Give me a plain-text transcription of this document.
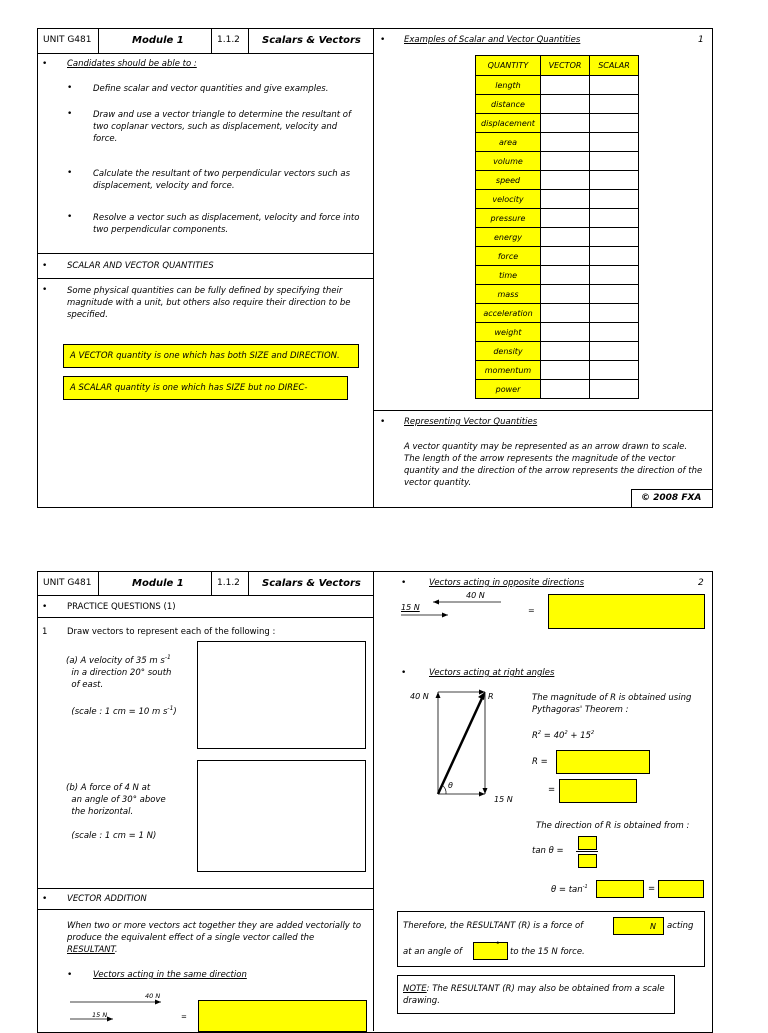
UNIT G481	Module 1	1.1.2 Scalars & Vectors
• Candidates should be able to :
• Define scalar and vector quantities and give examples.
• Draw and use a vector triangle to determine the resultant of two coplanar vectors, such as displacement, velocity and force.
• Calculate the resultant of two perpendicular vectors such as displacement, velocity and force.
• Resolve a vector such as displacement, velocity and force into two perpendicular components.
• SCALAR AND VECTOR QUANTITIES
• Some physical quantities can be fully defined by specifying their magnitude with a unit, but others also require their direction to be specified.
A VECTOR quantity is one which has both SIZE and DIRECTION.
A SCALAR quantity is one which has SIZE but no DIREC-
• Examples of Scalar and Vector Quantities	1
QUANTITY	VECTOR	SCALAR
length		
distance		
displacement		
area		
volume		
speed		
velocity		
pressure		
energy		
force		
time		
mass		
acceleration		
weight		
density		
momentum		
power		
• Representing Vector Quantities
A vector quantity may be represented as an arrow drawn to scale. The length of the arrow represents the magnitude of the vector quantity and the direction of the arrow represents the direction of the vector quantity.
© 2008 FXA
UNIT G481	Module 1	1.1.2 Scalars & Vectors
• PRACTICE QUESTIONS (1)
1 Draw vectors to represent each of the following :
(a) A velocity of 35 m $s^{-1}$
in a direction 20° south
of east.

(scale : 1 cm = 10 m $s^{-1}$)
(b) A force of 4 N at
an angle of 30° above
the horizontal.

(scale : 1 cm = 1 N)
• VECTOR ADDITION
When two or more vectors act together they are added vectorially to produce the equivalent effect of a single vector called the RESULTANT.
• Vectors acting in the same direction
40 N
15 N	=
•	Vectors acting in opposite directions	2
40 N
15 N	=
•	Vectors acting at right angles
40 N	R
θ
15 N
The magnitude of R is obtained using Pythagoras' Theorem :
$R^2 = 40^2 + 15^2$
R =
=
The direction of R is obtained from :
tan θ =
$\theta = \tan^{-1}$	=
Therefore, the RESULTANT (R) is a force of	N acting
at an angle of
°
to the 15 N force.
NOTE: The RESULTANT (R) may also be obtained from a scale drawing.
